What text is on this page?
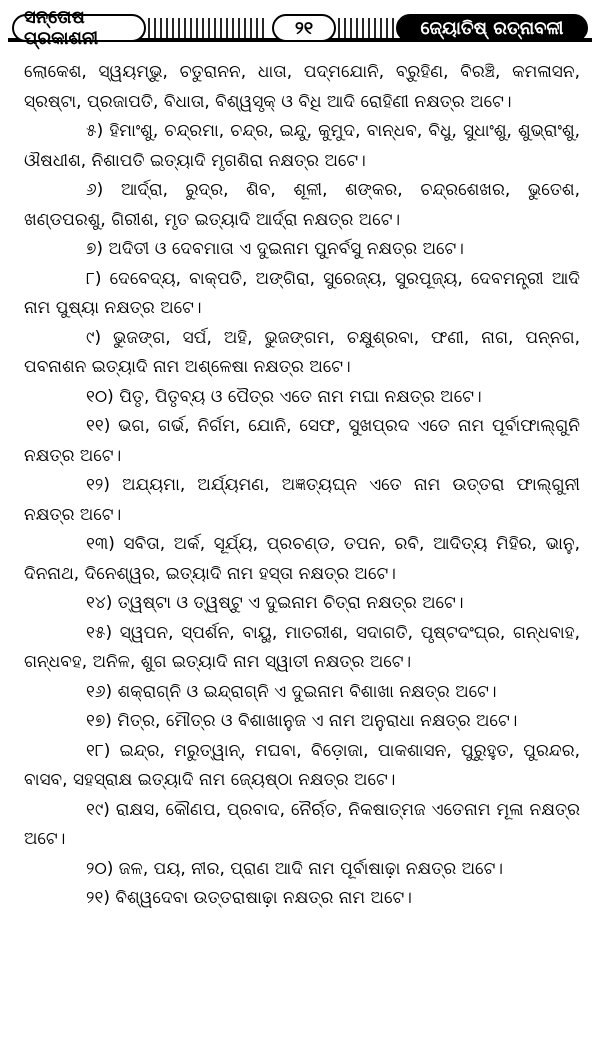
ସନ୍ତୋଷ ପ୍ରକାଶନୀ	୨୧	ଜ୍ୟୋତିଷ୍ ରତ୍ନାବଳୀ

ଲୋକେଶ, ସ୍ୱୟମ୍ଭୁ, ଚତୁରାନନ, ଧାତା, ପଦ୍ମଯୋନି, ବ୍ରୁହିଣ, ବିରଞ୍ଚି, କମଳାସନ, ସ୍ରଷ୍ଟା, ପ୍ରଜାପତି, ବିଧାତା, ବିଶ୍ୱସୃକ୍ ଓ ବିଧି ଆଦି ରୋହିଣୀ ନକ୍ଷତ୍ର ଅଟେ।

୫) ହିମାଂଶୁ, ଚନ୍ଦ୍ରମା, ଚନ୍ଦ୍ର, ଇନ୍ଦୁ, କୁମୁଦ, ବାନ୍ଧବ, ବିଧୁ, ସୁଧାଂଶୁ, ଶୁଭ୍ରାଂଶୁ, ଔଷଧୀଶ, ନିଶାପତି ଇତ୍ୟାଦି ମୃଗଶିରା ନକ୍ଷତ୍ର ଅଟେ।

୬) ଆର୍ଦ୍ରା, ରୁଦ୍ର, ଶିବ, ଶୂଳୀ, ଶଙ୍କର, ଚନ୍ଦ୍ରଶେଖର, ଭୁତେଶ, ଖଣ୍ଡପରଶୁ, ଗିରୀଶ, ମୃତ ଇତ୍ୟାଦି ଆର୍ଦ୍ରା ନକ୍ଷତ୍ର ଅଟେ।

୭) ଅଦିତୀ ଓ ଦେବମାତା ଏ ଦୁଇନାମ ପୁନର୍ବସୁ ନକ୍ଷତ୍ର ଅଟେ।

୮) ଦେବେଦ୍ୟ, ବାକ୍‌ପତି, ଅଙ୍ଗିରା, ସୁରେଜ୍ୟ, ସୁରପୂଜ୍ୟ, ଦେବମନ୍ତ୍ରୀ ଆଦି ନାମ ପୁଷ୍ୟା ନକ୍ଷତ୍ର ଅଟେ।

୯) ଭୁଜଙ୍ଗ, ସର୍ପ, ଅହି, ଭୁଜଙ୍ଗମ, ଚକ୍ଷୁଶ୍ରବା, ଫଣୀ, ନାଗ, ପନ୍ନଗ, ପବନାଶନ ଇତ୍ୟାଦି ନାମ ଅଶ୍ଳେଷା ନକ୍ଷତ୍ର ଅଟେ।

୧୦) ପିତୃ, ପିତୃବ୍ୟ ଓ ପୈତ୍ର ଏତେ ନାମ ମଘା ନକ୍ଷତ୍ର ଅଟେ।

୧୧) ଭଗ, ଗର୍ଭ, ନିର୍ଗମ, ଯୋନି, ସେଫ, ସୁଖପ୍ରଦ ଏତେ ନାମ ପୂର୍ବାଫାଲ୍‌ଗୁନି ନକ୍ଷତ୍ର ଅଟେ।

୧୨) ଅଯ୍ୟମା, ଅର୍ଯ୍ୟମଣ, ଅଜ୍ଞତ୍ୟଘ୍ନ ଏତେ ନାମ ଉତ୍ତରା ଫାଲ୍‌ଗୁନୀ ନକ୍ଷତ୍ର ଅଟେ।

୧୩) ସବିତା, ଅର୍କ, ସୂର୍ଯ୍ୟ, ପ୍ରଚଣ୍ଡ, ତପନ, ରବି, ଆଦିତ୍ୟ ମିହିର, ଭାନୁ, ଦିନନାଥ, ଦିନେଶ୍ୱର, ଇତ୍ୟାଦି ନାମ ହସ୍ତା ନକ୍ଷତ୍ର ଅଟେ।

୧୪) ତ୍ୱଷ୍ଟା ଓ ତ୍ୱଷ୍ଟୁ ଏ ଦୁଇନାମ ଚିତ୍ରା ନକ୍ଷତ୍ର ଅଟେ।

୧୫) ସ୍ୱପନ, ସ୍ପର୍ଶନ, ବାୟୁ, ମାତରୀଶ, ସଦାଗତି, ପୃଷ୍ଟଦଂଘ୍ର, ଗନ୍ଧବାହ, ଗନ୍ଧବହ, ଅନିଳ, ଶୁଗ ଇତ୍ୟାଦି ନାମ ସ୍ୱାତୀ ନକ୍ଷତ୍ର ଅଟେ।

୧୬) ଶକ୍ରାଗ୍ନି ଓ ଇନ୍ଦ୍ରାଗ୍ନି ଏ ଦୁଇନାମ ବିଶାଖା ନକ୍ଷତ୍ର ଅଟେ।

୧୭) ମିତ୍ର, ମୌତ୍ର ଓ ବିଶାଖାନୁଜ ଏ ନାମ ଅନୁରାଧା ନକ୍ଷତ୍ର ଅଟେ।

୧୮) ଇନ୍ଦ୍ର, ମରୁତ୍ୱାନ୍, ମଘବା, ବିଡ଼ୋଜା, ପାକଶାସନ, ପୁରୁହୁତ, ପୁରନ୍ଦର, ବାସବ, ସହସ୍ରାକ୍ଷ ଇତ୍ୟାଦି ନାମ ଜ୍ୟେଷ୍ଠା ନକ୍ଷତ୍ର ଅଟେ।

୧୯) ରାକ୍ଷସ, କୌଣପ, ପ୍ରବାଦ, ନୈର୍ଋତ, ନିକଷାତ୍ମଜ ଏତେନାମ ମୂଳା ନକ୍ଷତ୍ର ଅଟେ।

୨୦) ଜଳ, ପୟ, ନୀର, ପ୍ରାଣ ଆଦି ନାମ ପୂର୍ବାଷାଢ଼ା ନକ୍ଷତ୍ର ଅଟେ।

୨୧) ବିଶ୍ୱଦେବା ଉତ୍ତରାଷାଢ଼ା ନକ୍ଷତ୍ର ନାମ ଅଟେ।
